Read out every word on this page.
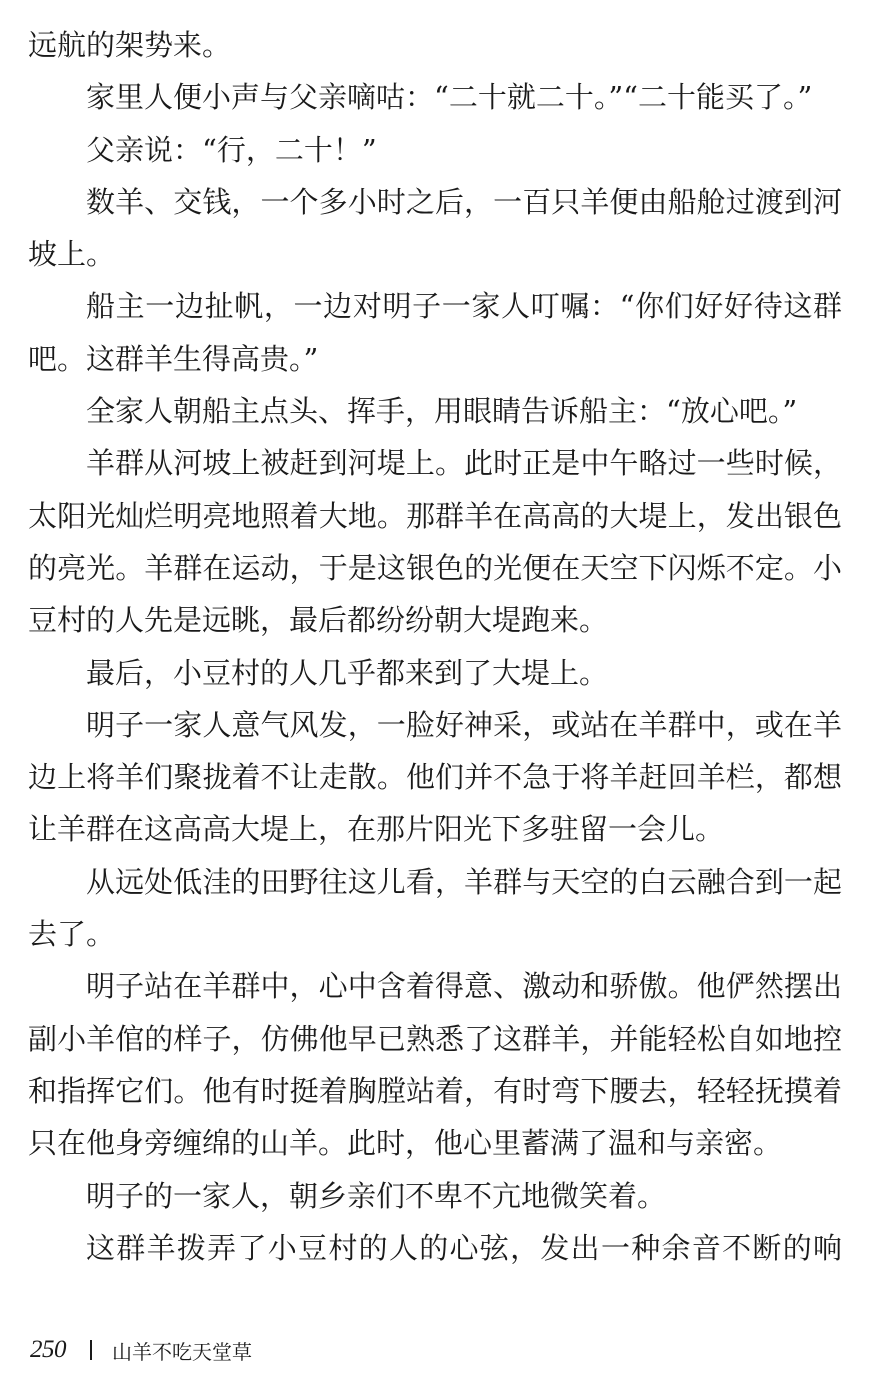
远航的架势来。
家里人便小声与父亲嘀咕：“二十就二十。”“二十能买了。”
父亲说：“行，二十！”
数羊、交钱，一个多小时之后，一百只羊便由船舱过渡到河
坡上。
船主一边扯帆，一边对明子一家人叮嘱：“你们好好待这群
吧。这群羊生得高贵。”
全家人朝船主点头、挥手，用眼睛告诉船主：“放心吧。”
羊群从河坡上被赶到河堤上。此时正是中午略过一些时候，
太阳光灿烂明亮地照着大地。那群羊在高高的大堤上，发出银色
的亮光。羊群在运动，于是这银色的光便在天空下闪烁不定。小
豆村的人先是远眺，最后都纷纷朝大堤跑来。
最后，小豆村的人几乎都来到了大堤上。
明子一家人意气风发，一脸好神采，或站在羊群中，或在羊
边上将羊们聚拢着不让走散。他们并不急于将羊赶回羊栏，都想
让羊群在这高高大堤上，在那片阳光下多驻留一会儿。
从远处低洼的田野往这儿看，羊群与天空的白云融合到一起
去了。
明子站在羊群中，心中含着得意、激动和骄傲。他俨然摆出
副小羊倌的样子，仿佛他早已熟悉了这群羊，并能轻松自如地控
和指挥它们。他有时挺着胸膛站着，有时弯下腰去，轻轻抚摸着
只在他身旁缠绵的山羊。此时，他心里蓄满了温和与亲密。
明子的一家人，朝乡亲们不卑不亢地微笑着。
这群羊拨弄了小豆村的人的心弦，发出一种余音不断的响
250 山羊不吃天堂草
